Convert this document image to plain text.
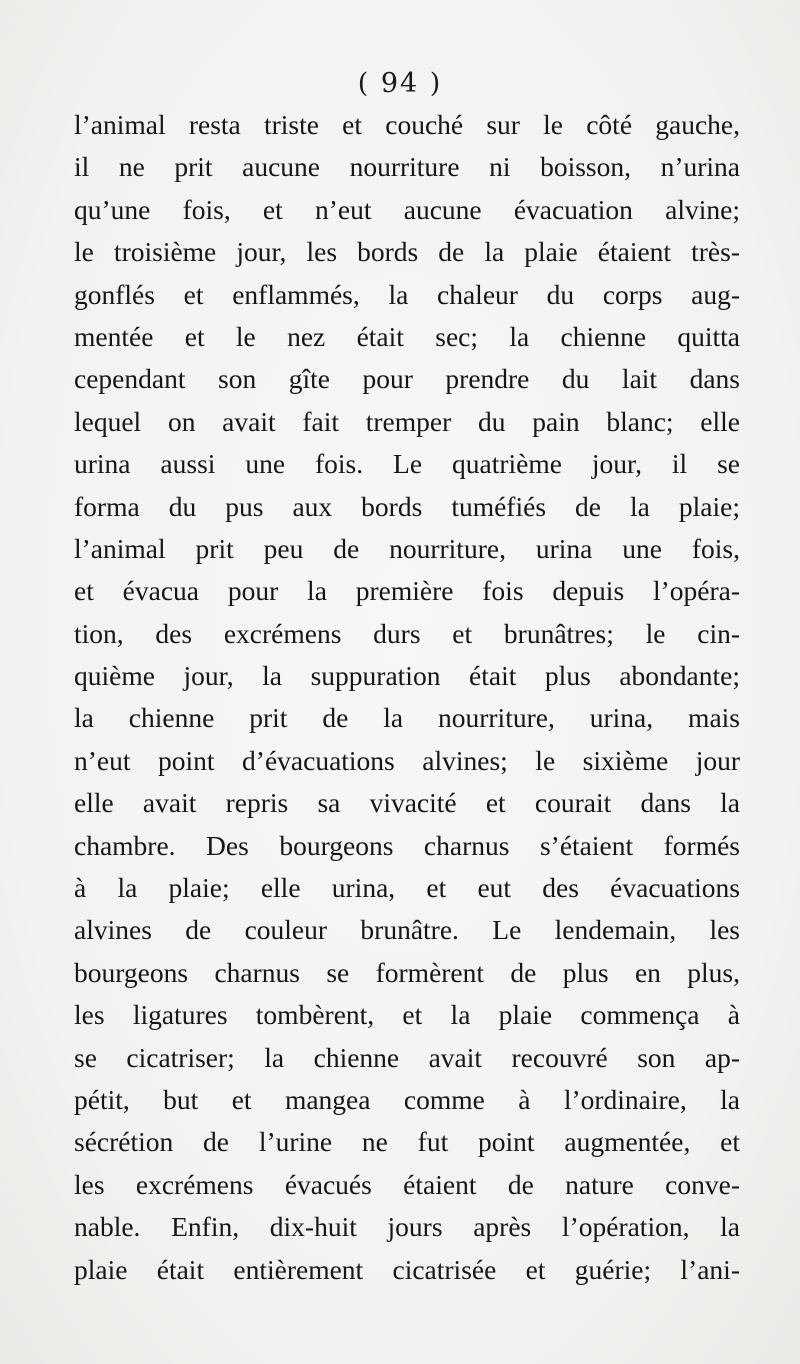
( 94 )
l’animal resta triste et couché sur le côté gauche,
il ne prit aucune nourriture ni boisson, n’urina
qu’une fois, et n’eut aucune évacuation alvine;
le troisième jour, les bords de la plaie étaient très-
gonflés et enflammés, la chaleur du corps aug-
mentée et le nez était sec; la chienne quitta
cependant son gîte pour prendre du lait dans
lequel on avait fait tremper du pain blanc; elle
urina aussi une fois. Le quatrième jour, il se
forma du pus aux bords tuméfiés de la plaie;
l’animal prit peu de nourriture, urina une fois,
et évacua pour la première fois depuis l’opéra-
tion, des excrémens durs et brunâtres; le cin-
quième jour, la suppuration était plus abondante;
la chienne prit de la nourriture, urina, mais
n’eut point d’évacuations alvines; le sixième jour
elle avait repris sa vivacité et courait dans la
chambre. Des bourgeons charnus s’étaient formés
à la plaie; elle urina, et eut des évacuations
alvines de couleur brunâtre. Le lendemain, les
bourgeons charnus se formèrent de plus en plus,
les ligatures tombèrent, et la plaie commença à
se cicatriser; la chienne avait recouvré son ap-
pétit, but et mangea comme à l’ordinaire, la
sécrétion de l’urine ne fut point augmentée, et
les excrémens évacués étaient de nature conve-
nable. Enfin, dix-huit jours après l’opération, la
plaie était entièrement cicatrisée et guérie; l’ani-
